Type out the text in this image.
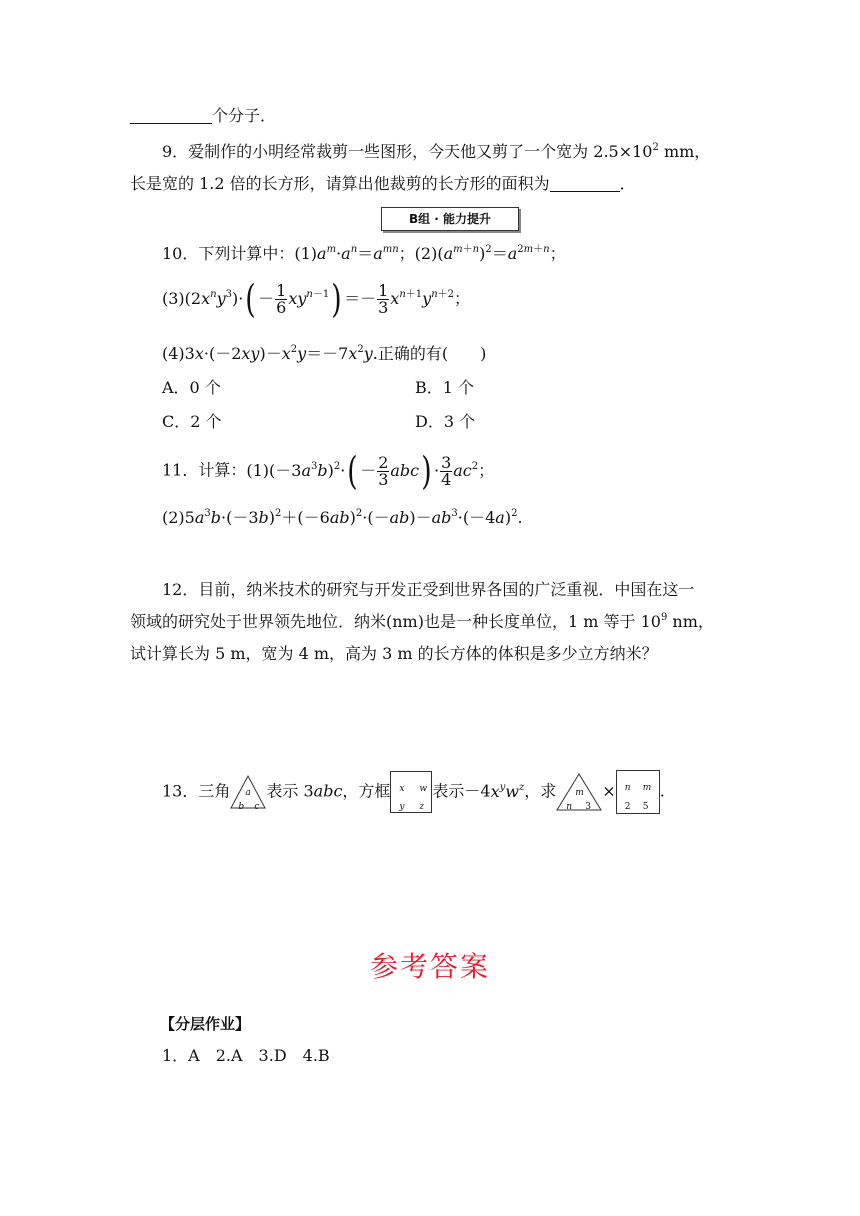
个分子．
9．爱制作的小明经常裁剪一些图形，今天他又剪了一个宽为 $2.5\times 10^2$ mm，
长是宽的 1.2 倍的长方形，请算出他裁剪的长方形的面积为	．
B组 · 能力提升
10．下列计算中：$(1)a^m\cdot a^n=a^{mn}$；$(2)(a^{m+n})^2=a^{2m+n}$；
$(3)(2x^ny^3)\cdot( - \frac{1}{6} xy^{n-1}) =- \frac{1}{3} x^{n+1}y^{n+2}$；
$(4)3x\cdot(-2xy)-x^2y=-7x^2y$.正确的有(　　)
A．0 个	B．1 个
C．2 个	D．3 个
11．计算：$(1)(-3a^3b)^2\cdot( - \frac{2}{3} abc) \cdot \frac{3}{4} ac^2$；
$(2)5a^3b\cdot(-3b)^2+(-6ab)^2\cdot(-ab)-ab^3\cdot(-4a)^2$.
12．目前，纳米技术的研究与开发正受到世界各国的广泛重视．中国在这一
领域的研究处于世界领先地位．纳米(nm)也是一种长度单位，1 m 等于 $10^9$ nm，
试计算长为 5 m，宽为 4 m，高为 3 m 的长方体的体积是多少立方纳米？
13．三角 a
b c
表示 3abc，方框 x w
y z
表示$-4x^yw^z$，求 m
n 3
× n m
2 5
.
参考答案
【分层作业】
1．A　2.A　3.D　4.B
